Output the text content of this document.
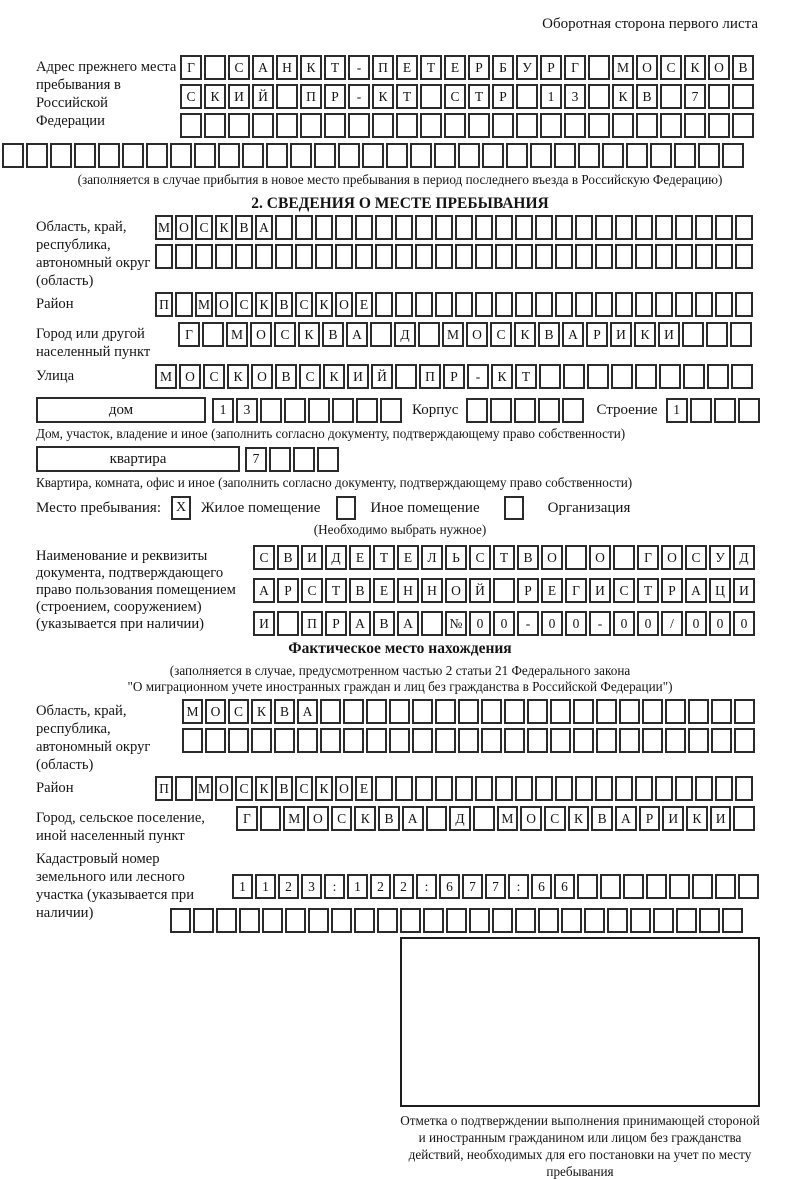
Оборотная сторона первого листа
Адрес прежнего места пребывания в Российской Федерации
Г	С	А	Н	К	Т	-	П	Е	Т	Е	Р	Б	У	Р	Г	М О	С	К	О	В
С	К	И	Й	П	Р	-	К	Т	С	Т	Р	1	3	К	В	7
(заполняется в случае прибытия в новое место пребывания в период последнего въезда в Российскую Федерацию)
2. СВЕДЕНИЯ О МЕСТЕ ПРЕБЫВАНИЯ
Область, край, республика, автономный округ (область)
М О С К В А
Район	П	М О С К В С К О Е
Город или другой населенный пункт
Г	М О	С	К	В	А	Д	М О	С	К	В	А	Р	И	К	И
Улица	М О	С	К	О	В	С	К	И	Й	П	Р	-	К	Т
дом	1	3	Корпус	Строение	1
Дом, участок, владение и иное (заполнить согласно документу, подтверждающему право собственности)
квартира	7
Квартира, комната, офис и иное (заполнить согласно документу, подтверждающему право собственности)
Место пребывания:	X Жилое помещение	Иное помещение	Организация
(Необходимо выбрать нужное)
Наименование и реквизиты документа, подтверждающего право пользования помещением (строением, сооружением) (указывается при наличии)
С	В	И	Д	Е	Т	Е	Л	Ь	С	Т	В	О	О	Г	О	С	У	Д
А	Р	С	Т	В	Е	Н	Н	О	Й	Р	Е	Г	И	С	Т	Р	А	Ц	И
И	П	Р	А	В	А	№	0	0	-	0	0	-	0	0	/	0	0	0
Фактическое место нахождения
(заполняется в случае, предусмотренном частью 2 статьи 21 Федерального закона
"О миграционном учете иностранных граждан и лиц без гражданства в Российской Федерации")
Область, край, республика, автономный округ (область)
М О	С	К	В	А
Район	П	М О С К В С К О Е
Город, сельское поселение, иной населенный пункт
Г	М О	С	К	В	А	Д	М О	С	К	В	А	Р	И	К	И
Кадастровый номер земельного или лесного участка (указывается при наличии)
1	1	2	3	:	1	2	2	:	6	7	7	:	6	6
Отметка о подтверждении выполнения принимающей стороной и иностранным гражданином или лицом без гражданства действий, необходимых для его постановки на учет по месту пребывания
